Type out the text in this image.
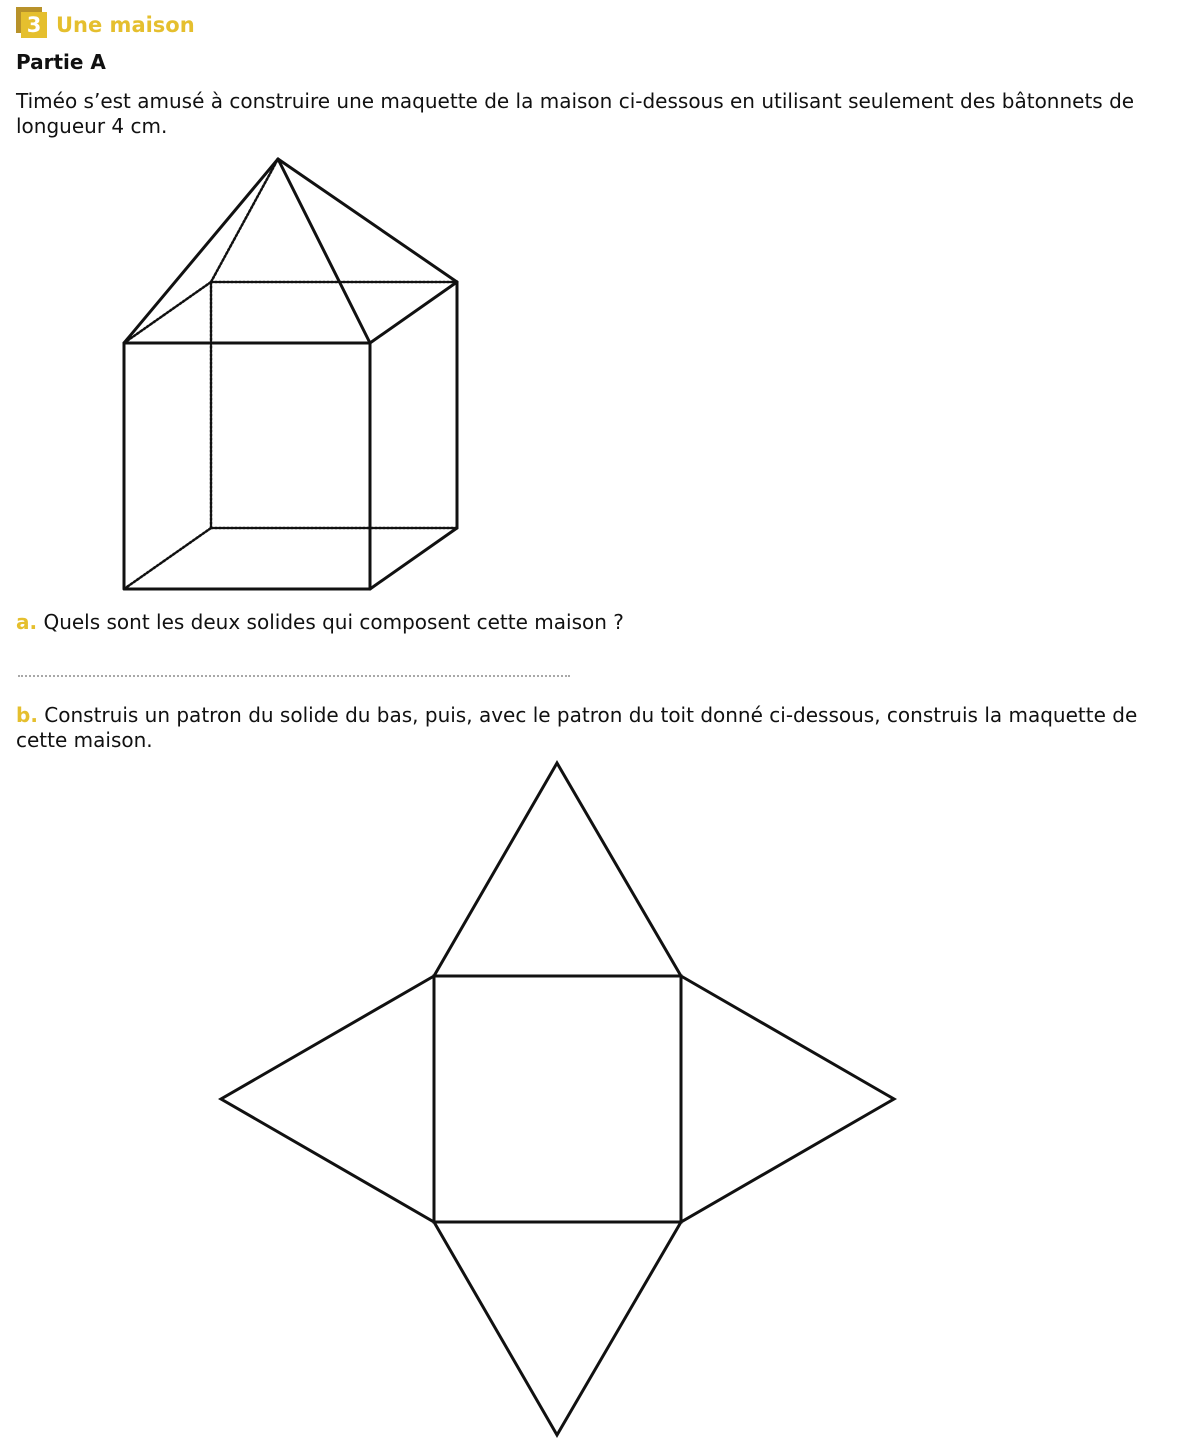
3 Une maison
Partie A
Timéo s’est amusé à construire une maquette de la maison ci-dessous en utilisant seulement des bâtonnets de longueur 4 cm.
a. Quels sont les deux solides qui composent cette maison ?
b. Construis un patron du solide du bas, puis, avec le patron du toit donné ci-dessous, construis la maquette de cette maison.
